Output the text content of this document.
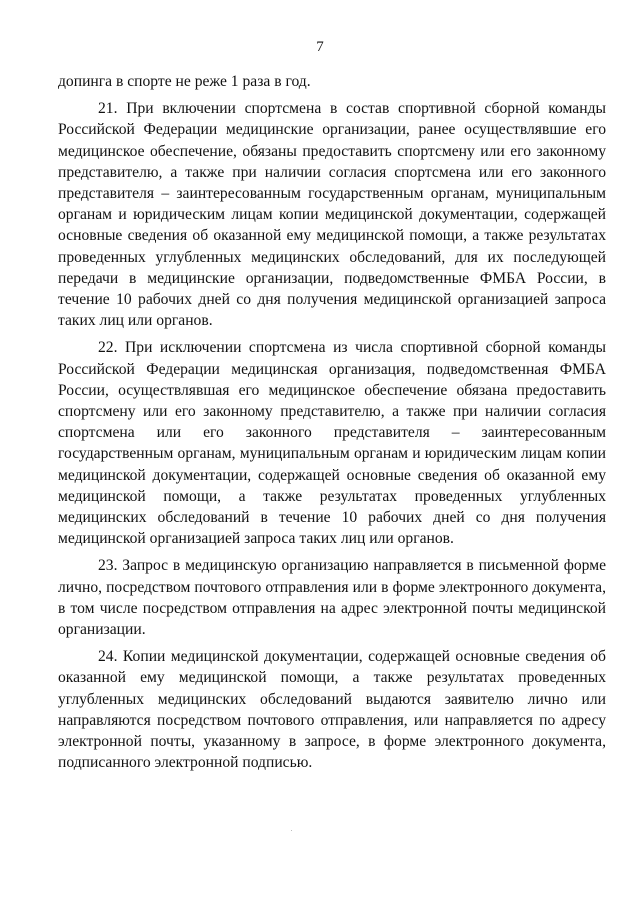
7

допинга в спорте не реже 1 раза в год.

21. При включении спортсмена в состав спортивной сборной команды Российской Федерации медицинские организации, ранее осуществлявшие его медицинское обеспечение, обязаны предоставить спортсмену или его законному представителю, а также при наличии согласия спортсмена или его законного представителя – заинтересованным государственным органам, муниципальным органам и юридическим лицам копии медицинской документации, содержащей основные сведения об оказанной ему медицинской помощи, а также результатах проведенных углубленных медицинских обследований, для их последующей передачи в медицинские организации, подведомственные ФМБА России, в течение 10 рабочих дней со дня получения медицинской организацией запроса таких лиц или органов.

22. При исключении спортсмена из числа спортивной сборной команды Российской Федерации медицинская организация, подведомственная ФМБА России, осуществлявшая его медицинское обеспечение обязана предоставить спортсмену или его законному представителю, а также при наличии согласия спортсмена или его законного представителя – заинтересованным государственным органам, муниципальным органам и юридическим лицам копии медицинской документации, содержащей основные сведения об оказанной ему медицинской помощи, а также результатах проведенных углубленных медицинских обследований в течение 10 рабочих дней со дня получения медицинской организацией запроса таких лиц или органов.

23. Запрос в медицинскую организацию направляется в письменной форме лично, посредством почтового отправления или в форме электронного документа, в том числе посредством отправления на адрес электронной почты медицинской организации.

24. Копии медицинской документации, содержащей основные сведения об оказанной ему медицинской помощи, а также результатах проведенных углубленных медицинских обследований выдаются заявителю лично или направляются посредством почтового отправления, или направляется по адресу электронной почты, указанному в запросе, в форме электронного документа, подписанного электронной подписью.
